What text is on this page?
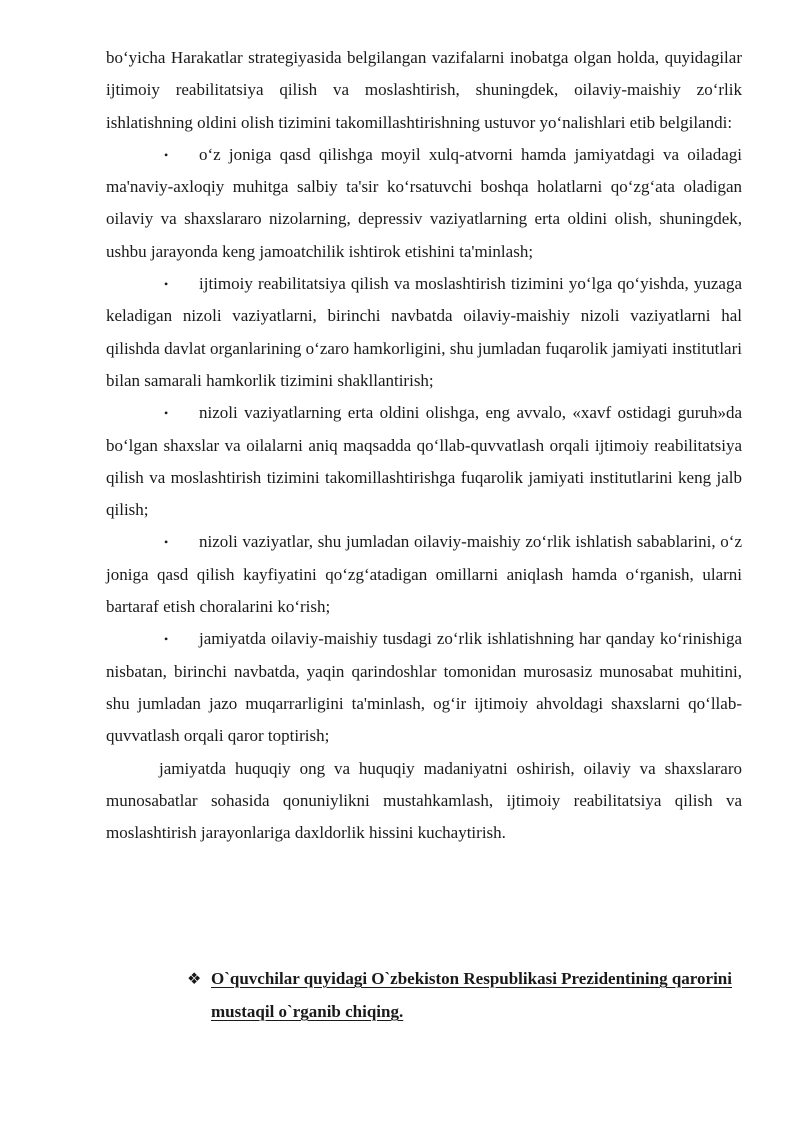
bo‘yicha Harakatlar strategiyasida belgilangan vazifalarni inobatga olgan holda, quyidagilar ijtimoiy reabilitatsiya qilish va moslashtirish, shuningdek, oilaviy-maishiy zo‘rlik ishlatishning oldini olish tizimini takomillashtirishning ustuvor yo‘nalishlari etib belgilandi:

• o‘z joniga qasd qilishga moyil xulq-atvorni hamda jamiyatdagi va oiladagi ma'naviy-axloqiy muhitga salbiy ta'sir ko‘rsatuvchi boshqa holatlarni qo‘zg‘ata oladigan oilaviy va shaxslararo nizolarning, depressiv vaziyatlarning erta oldini olish, shuningdek, ushbu jarayonda keng jamoatchilik ishtirok etishini ta'minlash;

• ijtimoiy reabilitatsiya qilish va moslashtirish tizimini yo‘lga qo‘yishda, yuzaga keladigan nizoli vaziyatlarni, birinchi navbatda oilaviy-maishiy nizoli vaziyatlarni hal qilishda davlat organlarining o‘zaro hamkorligini, shu jumladan fuqarolik jamiyati institutlari bilan samarali hamkorlik tizimini shakllantirish;

• nizoli vaziyatlarning erta oldini olishga, eng avvalo, «xavf ostidagi guruh»da bo‘lgan shaxslar va oilalarni aniq maqsadda qo‘llab-quvvatlash orqali ijtimoiy reabilitatsiya qilish va moslashtirish tizimini takomillashtirishga fuqarolik jamiyati institutlarini keng jalb qilish;

• nizoli vaziyatlar, shu jumladan oilaviy-maishiy zo‘rlik ishlatish sabablarini, o‘z joniga qasd qilish kayfiyatini qo‘zg‘atadigan omillarni aniqlash hamda o‘rganish, ularni bartaraf etish choralarini ko‘rish;

• jamiyatda oilaviy-maishiy tusdagi zo‘rlik ishlatishning har qanday ko‘rinishiga nisbatan, birinchi navbatda, yaqin qarindoshlar tomonidan murosasiz munosabat muhitini, shu jumladan jazo muqarrarligini ta'minlash, og‘ir ijtimoiy ahvoldagi shaxslarni qo‘llab-quvvatlash orqali qaror toptirish;

jamiyatda huquqiy ong va huquqiy madaniyatni oshirish, oilaviy va shaxslararo munosabatlar sohasida qonuniylikni mustahkamlash, ijtimoiy reabilitatsiya qilish va moslashtirish jarayonlariga daxldorlik hissini kuchaytirish.

❖ O`quvchilar quyidagi O`zbekiston Respublikasi Prezidentining qarorini mustaqil o`rganib chiqing.
